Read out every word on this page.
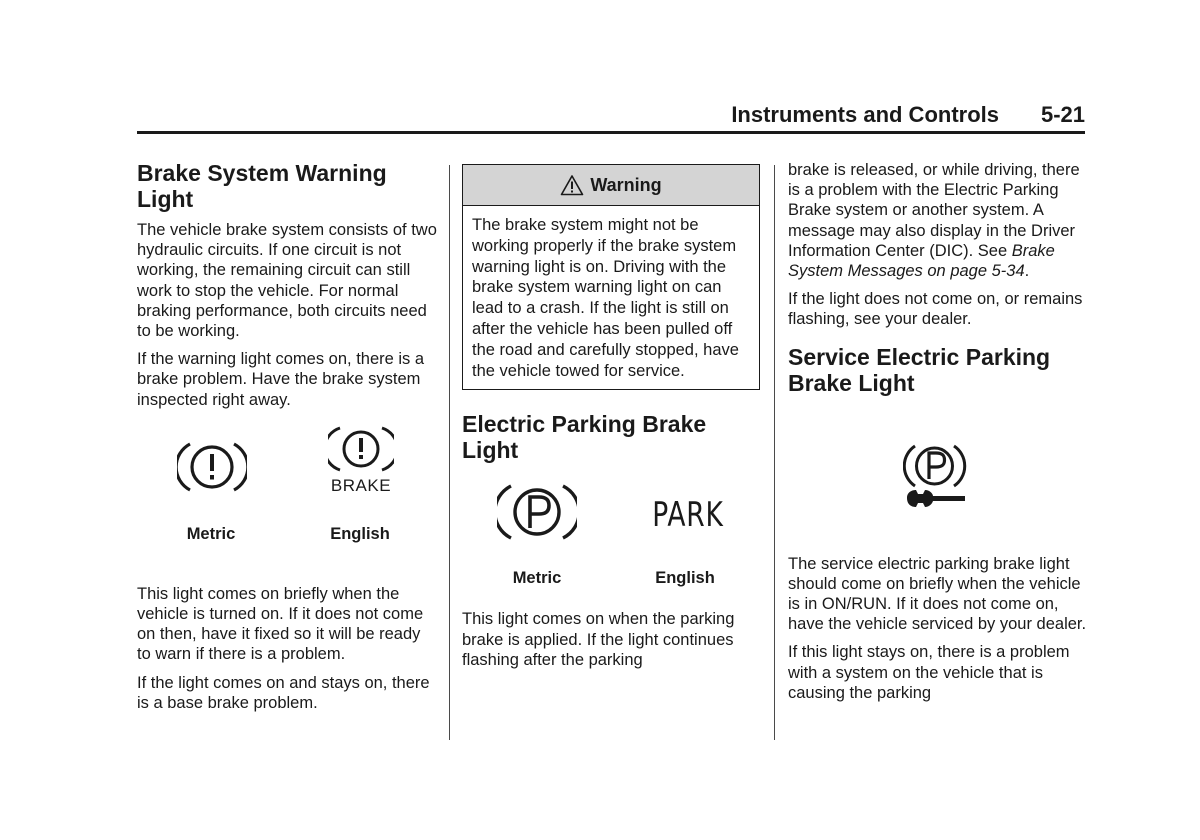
Instruments and Controls 5-21
Brake System Warning Light

The vehicle brake system consists of two hydraulic circuits. If one circuit is not working, the remaining circuit can still work to stop the vehicle. For normal braking performance, both circuits need to be working.

If the warning light comes on, there is a brake problem. Have the brake system inspected right away.

BRAKE
Metric	English

This light comes on briefly when the vehicle is turned on. If it does not come on then, have it fixed so it will be ready to warn if there is a problem.

If the light comes on and stays on, there is a base brake problem.

Warning

The brake system might not be working properly if the brake system warning light is on. Driving with the brake system warning light on can lead to a crash. If the light is still on after the vehicle has been pulled off the road and carefully stopped, have the vehicle towed for service.

Electric Parking Brake Light
PARK
Metric	English

This light comes on when the parking brake is applied. If the light continues flashing after the parking

brake is released, or while driving, there is a problem with the Electric Parking Brake system or another system. A message may also display in the Driver Information Center (DIC). See Brake System Messages on page 5-34.

If the light does not come on, or remains flashing, see your dealer.

Service Electric Parking Brake Light

The service electric parking brake light should come on briefly when the vehicle is in ON/RUN. If it does not come on, have the vehicle serviced by your dealer.

If this light stays on, there is a problem with a system on the vehicle that is causing the parking
